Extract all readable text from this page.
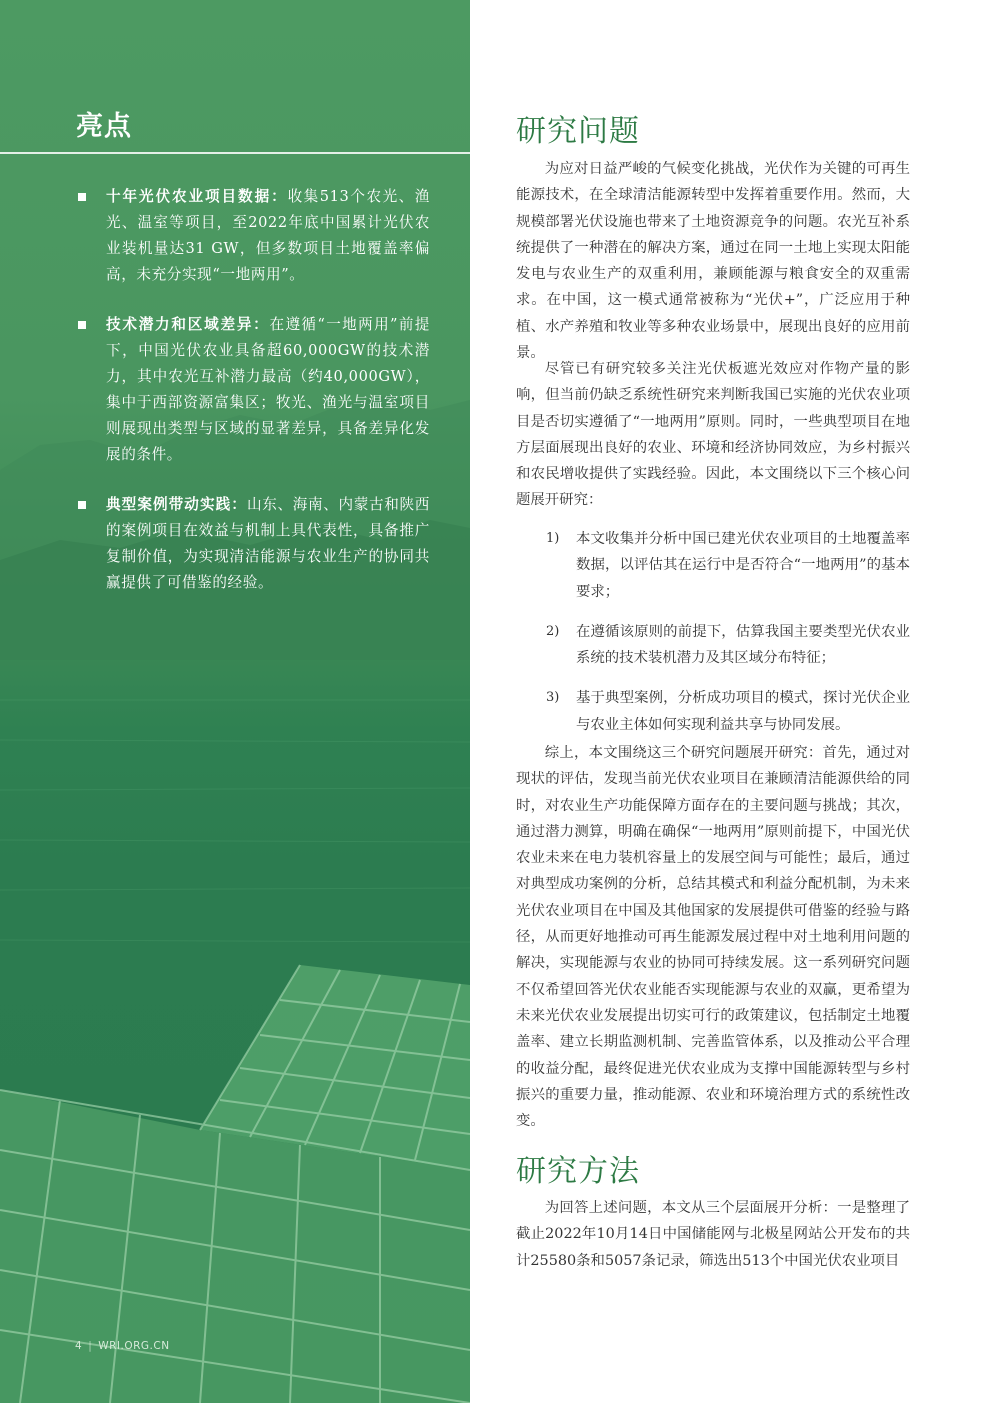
亮点

十年光伏农业项目数据：收集513个农光、渔光、温室等项目，至2022年底中国累计光伏农业装机量达31 GW，但多数项目土地覆盖率偏高，未充分实现“一地两用”。

技术潜力和区域差异：在遵循“一地两用”前提下，中国光伏农业具备超60,000GW的技术潜力，其中农光互补潜力最高（约40,000GW），集中于西部资源富集区；牧光、渔光与温室项目则展现出类型与区域的显著差异，具备差异化发展的条件。

典型案例带动实践：山东、海南、内蒙古和陕西的案例项目在效益与机制上具代表性，具备推广复制价值，为实现清洁能源与农业生产的协同共赢提供了可借鉴的经验。

4 | WRI.ORG.CN
研究问题

为应对日益严峻的气候变化挑战，光伏作为关键的可再生能源技术，在全球清洁能源转型中发挥着重要作用。然而，大规模部署光伏设施也带来了土地资源竞争的问题。农光互补系统提供了一种潜在的解决方案，通过在同一土地上实现太阳能发电与农业生产的双重利用，兼顾能源与粮食安全的双重需求。在中国，这一模式通常被称为“光伏+”，广泛应用于种植、水产养殖和牧业等多种农业场景中，展现出良好的应用前景。

尽管已有研究较多关注光伏板遮光效应对作物产量的影响，但当前仍缺乏系统性研究来判断我国已实施的光伏农业项目是否切实遵循了“一地两用”原则。同时，一些典型项目在地方层面展现出良好的农业、环境和经济协同效应，为乡村振兴和农民增收提供了实践经验。因此，本文围绕以下三个核心问题展开研究：

1) 本文收集并分析中国已建光伏农业项目的土地覆盖率数据，以评估其在运行中是否符合“一地两用”的基本要求；

2) 在遵循该原则的前提下，估算我国主要类型光伏农业系统的技术装机潜力及其区域分布特征；

3) 基于典型案例，分析成功项目的模式，探讨光伏企业与农业主体如何实现利益共享与协同发展。

综上，本文围绕这三个研究问题展开研究：首先，通过对现状的评估，发现当前光伏农业项目在兼顾清洁能源供给的同时，对农业生产功能保障方面存在的主要问题与挑战；其次，通过潜力测算，明确在确保“一地两用”原则前提下，中国光伏农业未来在电力装机容量上的发展空间与可能性；最后，通过对典型成功案例的分析，总结其模式和利益分配机制，为未来光伏农业项目在中国及其他国家的发展提供可借鉴的经验与路径，从而更好地推动可再生能源发展过程中对土地利用问题的解决，实现能源与农业的协同可持续发展。这一系列研究问题不仅希望回答光伏农业能否实现能源与农业的双赢，更希望为未来光伏农业发展提出切实可行的政策建议，包括制定土地覆盖率、建立长期监测机制、完善监管体系，以及推动公平合理的收益分配，最终促进光伏农业成为支撑中国能源转型与乡村振兴的重要力量，推动能源、农业和环境治理方式的系统性改变。

研究方法

为回答上述问题，本文从三个层面展开分析：一是整理了截止2022年10月14日中国储能网与北极星网站公开发布的共计25580条和5057条记录，筛选出513个中国光伏农业项目
